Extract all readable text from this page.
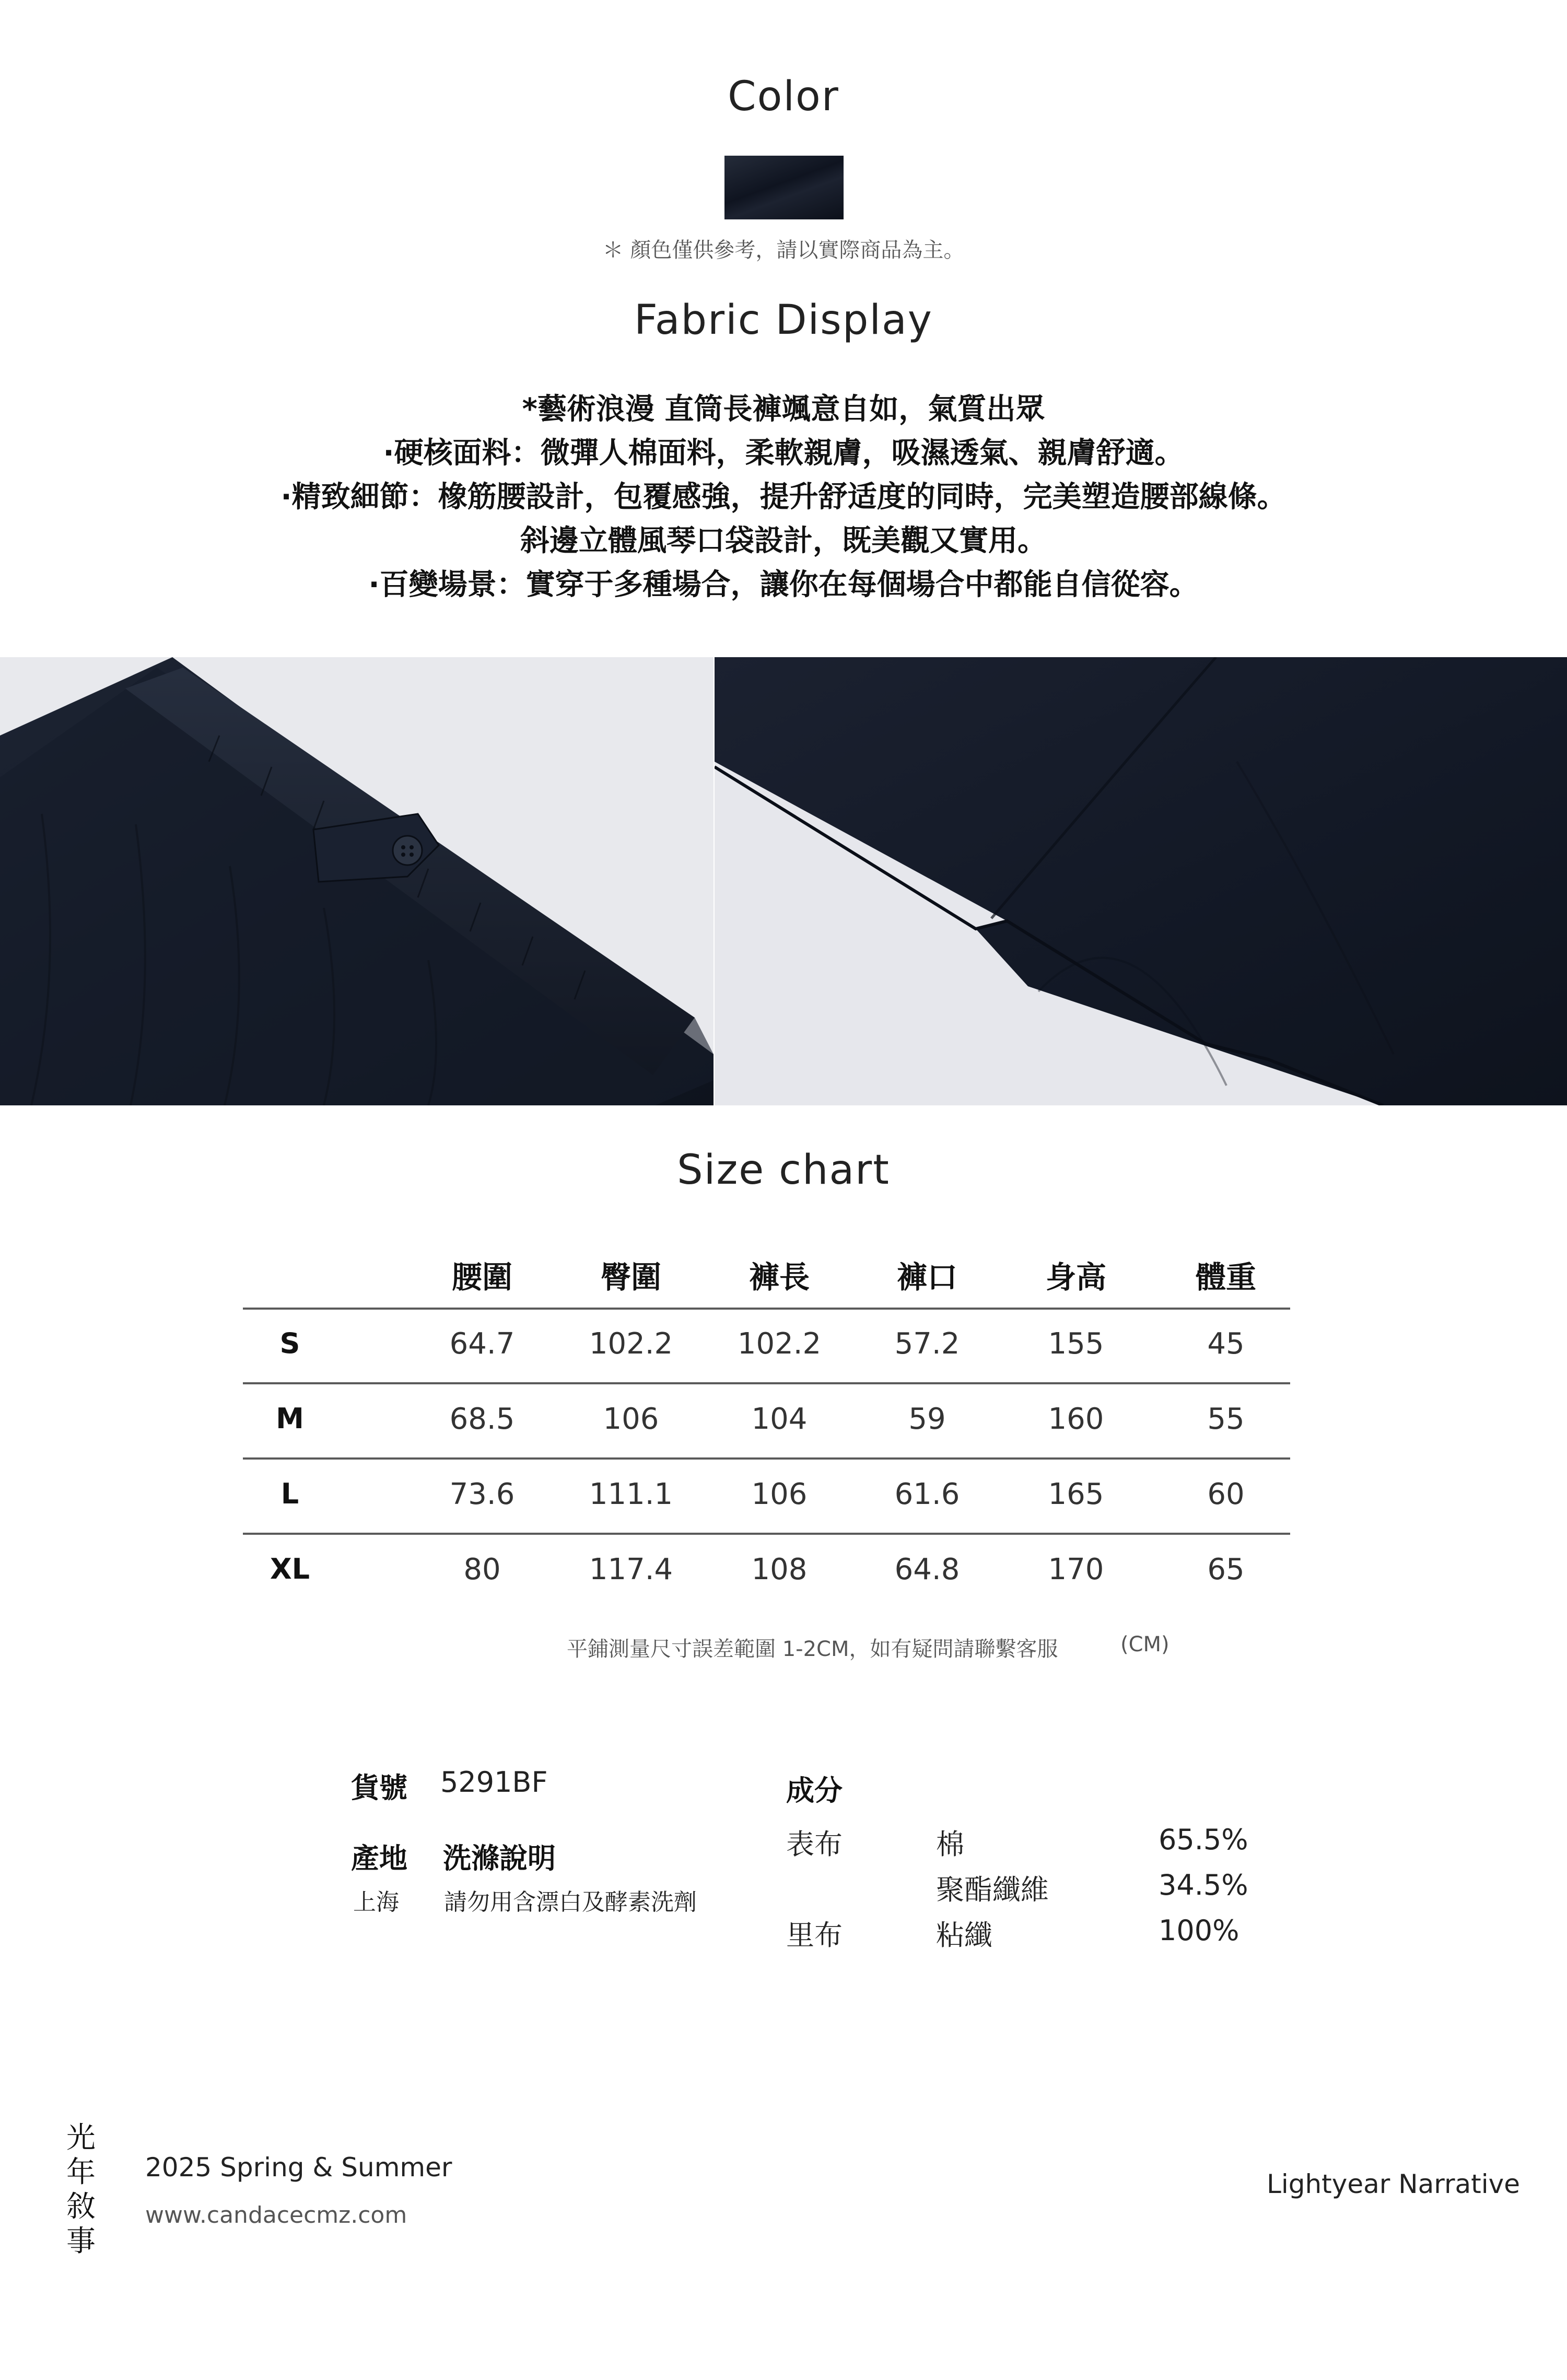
Color
＊ 顏色僅供參考，請以實際商品為主。
Fabric Display
*藝術浪漫 直筒長褲颯意自如，氣質出眾
·硬核面料：微彈人棉面料，柔軟親膚，吸濕透氣、親膚舒適。
·精致細節：橡筋腰設計，包覆感強，提升舒适度的同時，完美塑造腰部線條。
斜邊立體風琴口袋設計，既美觀又實用。
·百變場景：實穿于多種場合，讓你在每個場合中都能自信從容。
Size chart
腰圍	臀圍	褲長	褲口	身高	體重
S	64.7	102.2	102.2	57.2	155	45
M	68.5	106	104	59	160	55
L	73.6	111.1	106	61.6	165	60
XL	80	117.4	108	64.8	170	65
平鋪測量尺寸誤差範圍 1-2CM，如有疑問請聯繫客服	(CM)
貨號 5291BF
產地 洗滌說明
上海 請勿用含漂白及酵素洗劑
成分
表布	棉	65.5%
聚酯纖維	34.5%
里布	粘纖	100%
光
年
敘
事
2025 Spring & Summer
www.candacecmz.com
Lightyear Narrative
